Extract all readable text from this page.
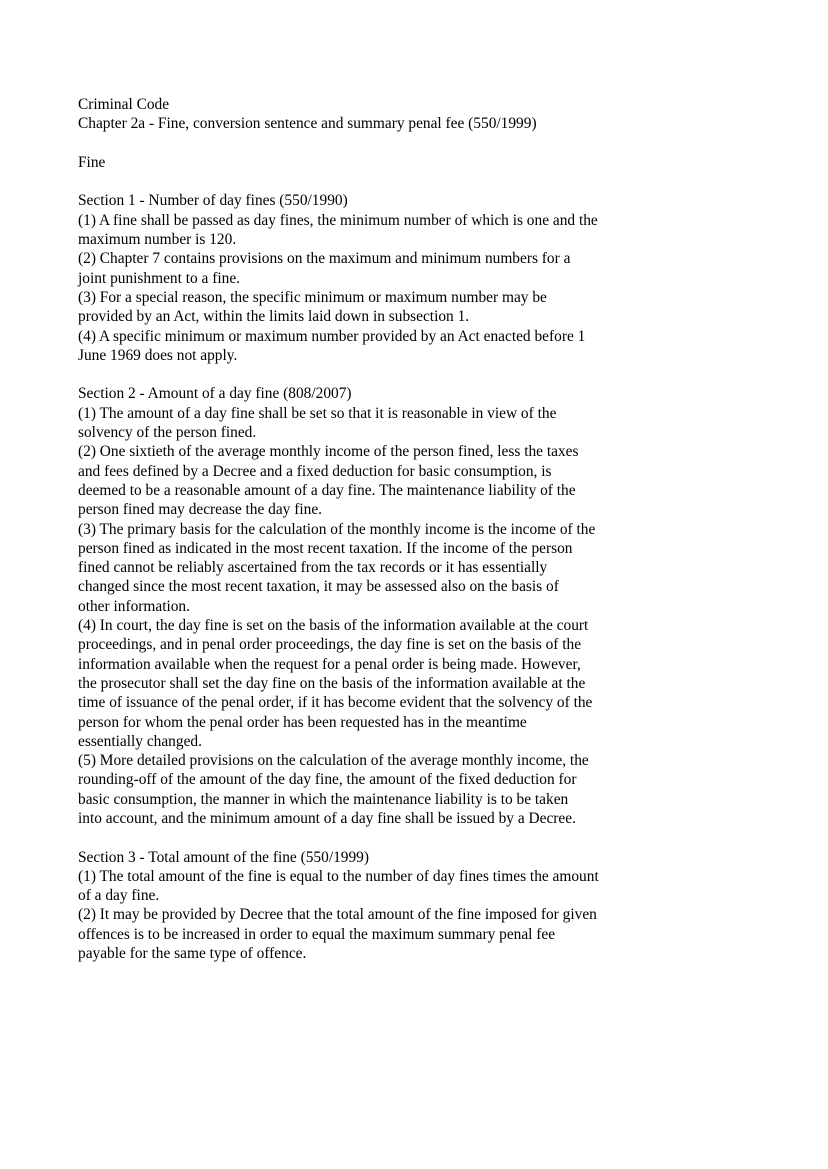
Criminal Code
Chapter 2a - Fine, conversion sentence and summary penal fee (550/1999)
Fine
Section 1 - Number of day fines (550/1990)
(1) A fine shall be passed as day fines, the minimum number of which is one and the
maximum number is 120.
(2) Chapter 7 contains provisions on the maximum and minimum numbers for a
joint punishment to a fine.
(3) For a special reason, the specific minimum or maximum number may be
provided by an Act, within the limits laid down in subsection 1.
(4) A specific minimum or maximum number provided by an Act enacted before 1
June 1969 does not apply.
Section 2 - Amount of a day fine (808/2007)
(1) The amount of a day fine shall be set so that it is reasonable in view of the
solvency of the person fined.
(2) One sixtieth of the average monthly income of the person fined, less the taxes
and fees defined by a Decree and a fixed deduction for basic consumption, is
deemed to be a reasonable amount of a day fine. The maintenance liability of the
person fined may decrease the day fine.
(3) The primary basis for the calculation of the monthly income is the income of the
person fined as indicated in the most recent taxation. If the income of the person
fined cannot be reliably ascertained from the tax records or it has essentially
changed since the most recent taxation, it may be assessed also on the basis of
other information.
(4) In court, the day fine is set on the basis of the information available at the court
proceedings, and in penal order proceedings, the day fine is set on the basis of the
information available when the request for a penal order is being made. However,
the prosecutor shall set the day fine on the basis of the information available at the
time of issuance of the penal order, if it has become evident that the solvency of the
person for whom the penal order has been requested has in the meantime
essentially changed.
(5) More detailed provisions on the calculation of the average monthly income, the
rounding-off of the amount of the day fine, the amount of the fixed deduction for
basic consumption, the manner in which the maintenance liability is to be taken
into account, and the minimum amount of a day fine shall be issued by a Decree.
Section 3 - Total amount of the fine (550/1999)
(1) The total amount of the fine is equal to the number of day fines times the amount
of a day fine.
(2) It may be provided by Decree that the total amount of the fine imposed for given
offences is to be increased in order to equal the maximum summary penal fee
payable for the same type of offence.
